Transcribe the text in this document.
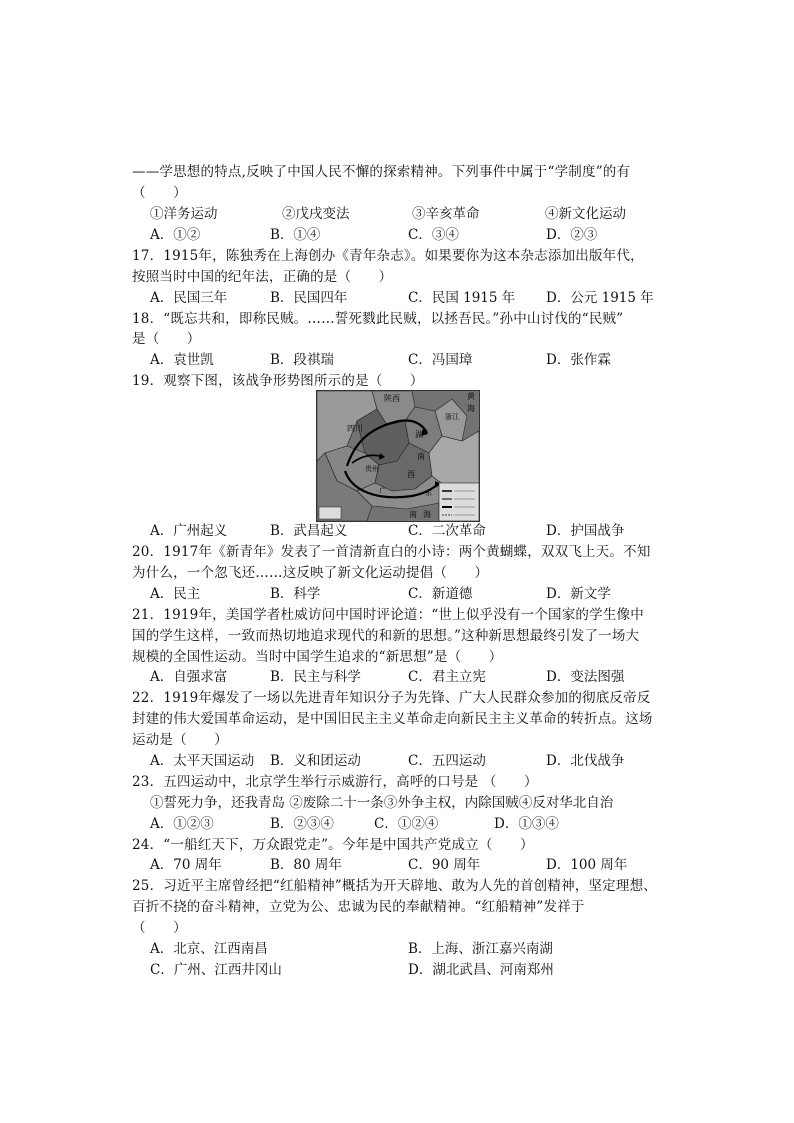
——学思想的特点,反映了中国人民不懈的探索精神。下列事件中属于“学制度”的有
（　　）
①洋务运动	②戊戌变法	③辛亥革命	④新文化运动
A．①②	B．①④	C．③④	D．②③
17．1915年，陈独秀在上海创办《青年杂志》。如果要你为这本杂志添加出版年代，
按照当时中国的纪年法，正确的是（　　）
A．民国三年	B．民国四年	C．民国 1915 年 D．公元 1915 年
18．“既忘共和，即称民贼。……誓死戮此民贼，以拯吾民。”孙中山讨伐的“民贼”
是（　　）
A．袁世凯	B．段祺瑞	C．冯国璋	D．张作霖
19．观察下图，该战争形势图所示的是（　　）
陕西
四川
湖
南
浙江
贵州
西
广	东
南 海
黄
海
A．广州起义	B．武昌起义	C．二次革命	D．护国战争
20．1917年《新青年》发表了一首清新直白的小诗：两个黄蝴蝶，双双飞上天。不知
为什么，一个忽飞还……这反映了新文化运动提倡（　　）
A．民主	B．科学	C．新道德	D．新文学
21．1919年，美国学者杜威访问中国时评论道：“世上似乎没有一个国家的学生像中
国的学生这样，一致而热切地追求现代的和新的思想。”这种新思想最终引发了一场大
规模的全国性运动。当时中国学生追求的“新思想”是（　　）
A．自强求富	B．民主与科学	C．君主立宪	D．变法图强
22．1919年爆发了一场以先进青年知识分子为先锋、广大人民群众参加的彻底反帝反
封建的伟大爱国革命运动，是中国旧民主主义革命走向新民主主义革命的转折点。这场
运动是（　　）
A．太平天国运动 B．义和团运动	C．五四运动	D．北伐战争
23．五四运动中，北京学生举行示威游行，高呼的口号是 （　　）
①誓死力争，还我青岛 ②废除二十一条③外争主权，内除国贼④反对华北自治
A．①②③	B．②③④	C．①②④	D．①③④
24．“一船红天下，万众跟党走”。今年是中国共产党成立（　　）
A．70 周年	B．80 周年	C．90 周年	D．100 周年
25．习近平主席曾经把“红船精神”概括为开天辟地、敢为人先的首创精神，坚定理想、
百折不挠的奋斗精神，立党为公、忠诚为民的奉献精神。“红船精神”发祥于
（　　）
A．北京、江西南昌	B．上海、浙江嘉兴南湖
C．广州、江西井冈山	D．湖北武昌、河南郑州
